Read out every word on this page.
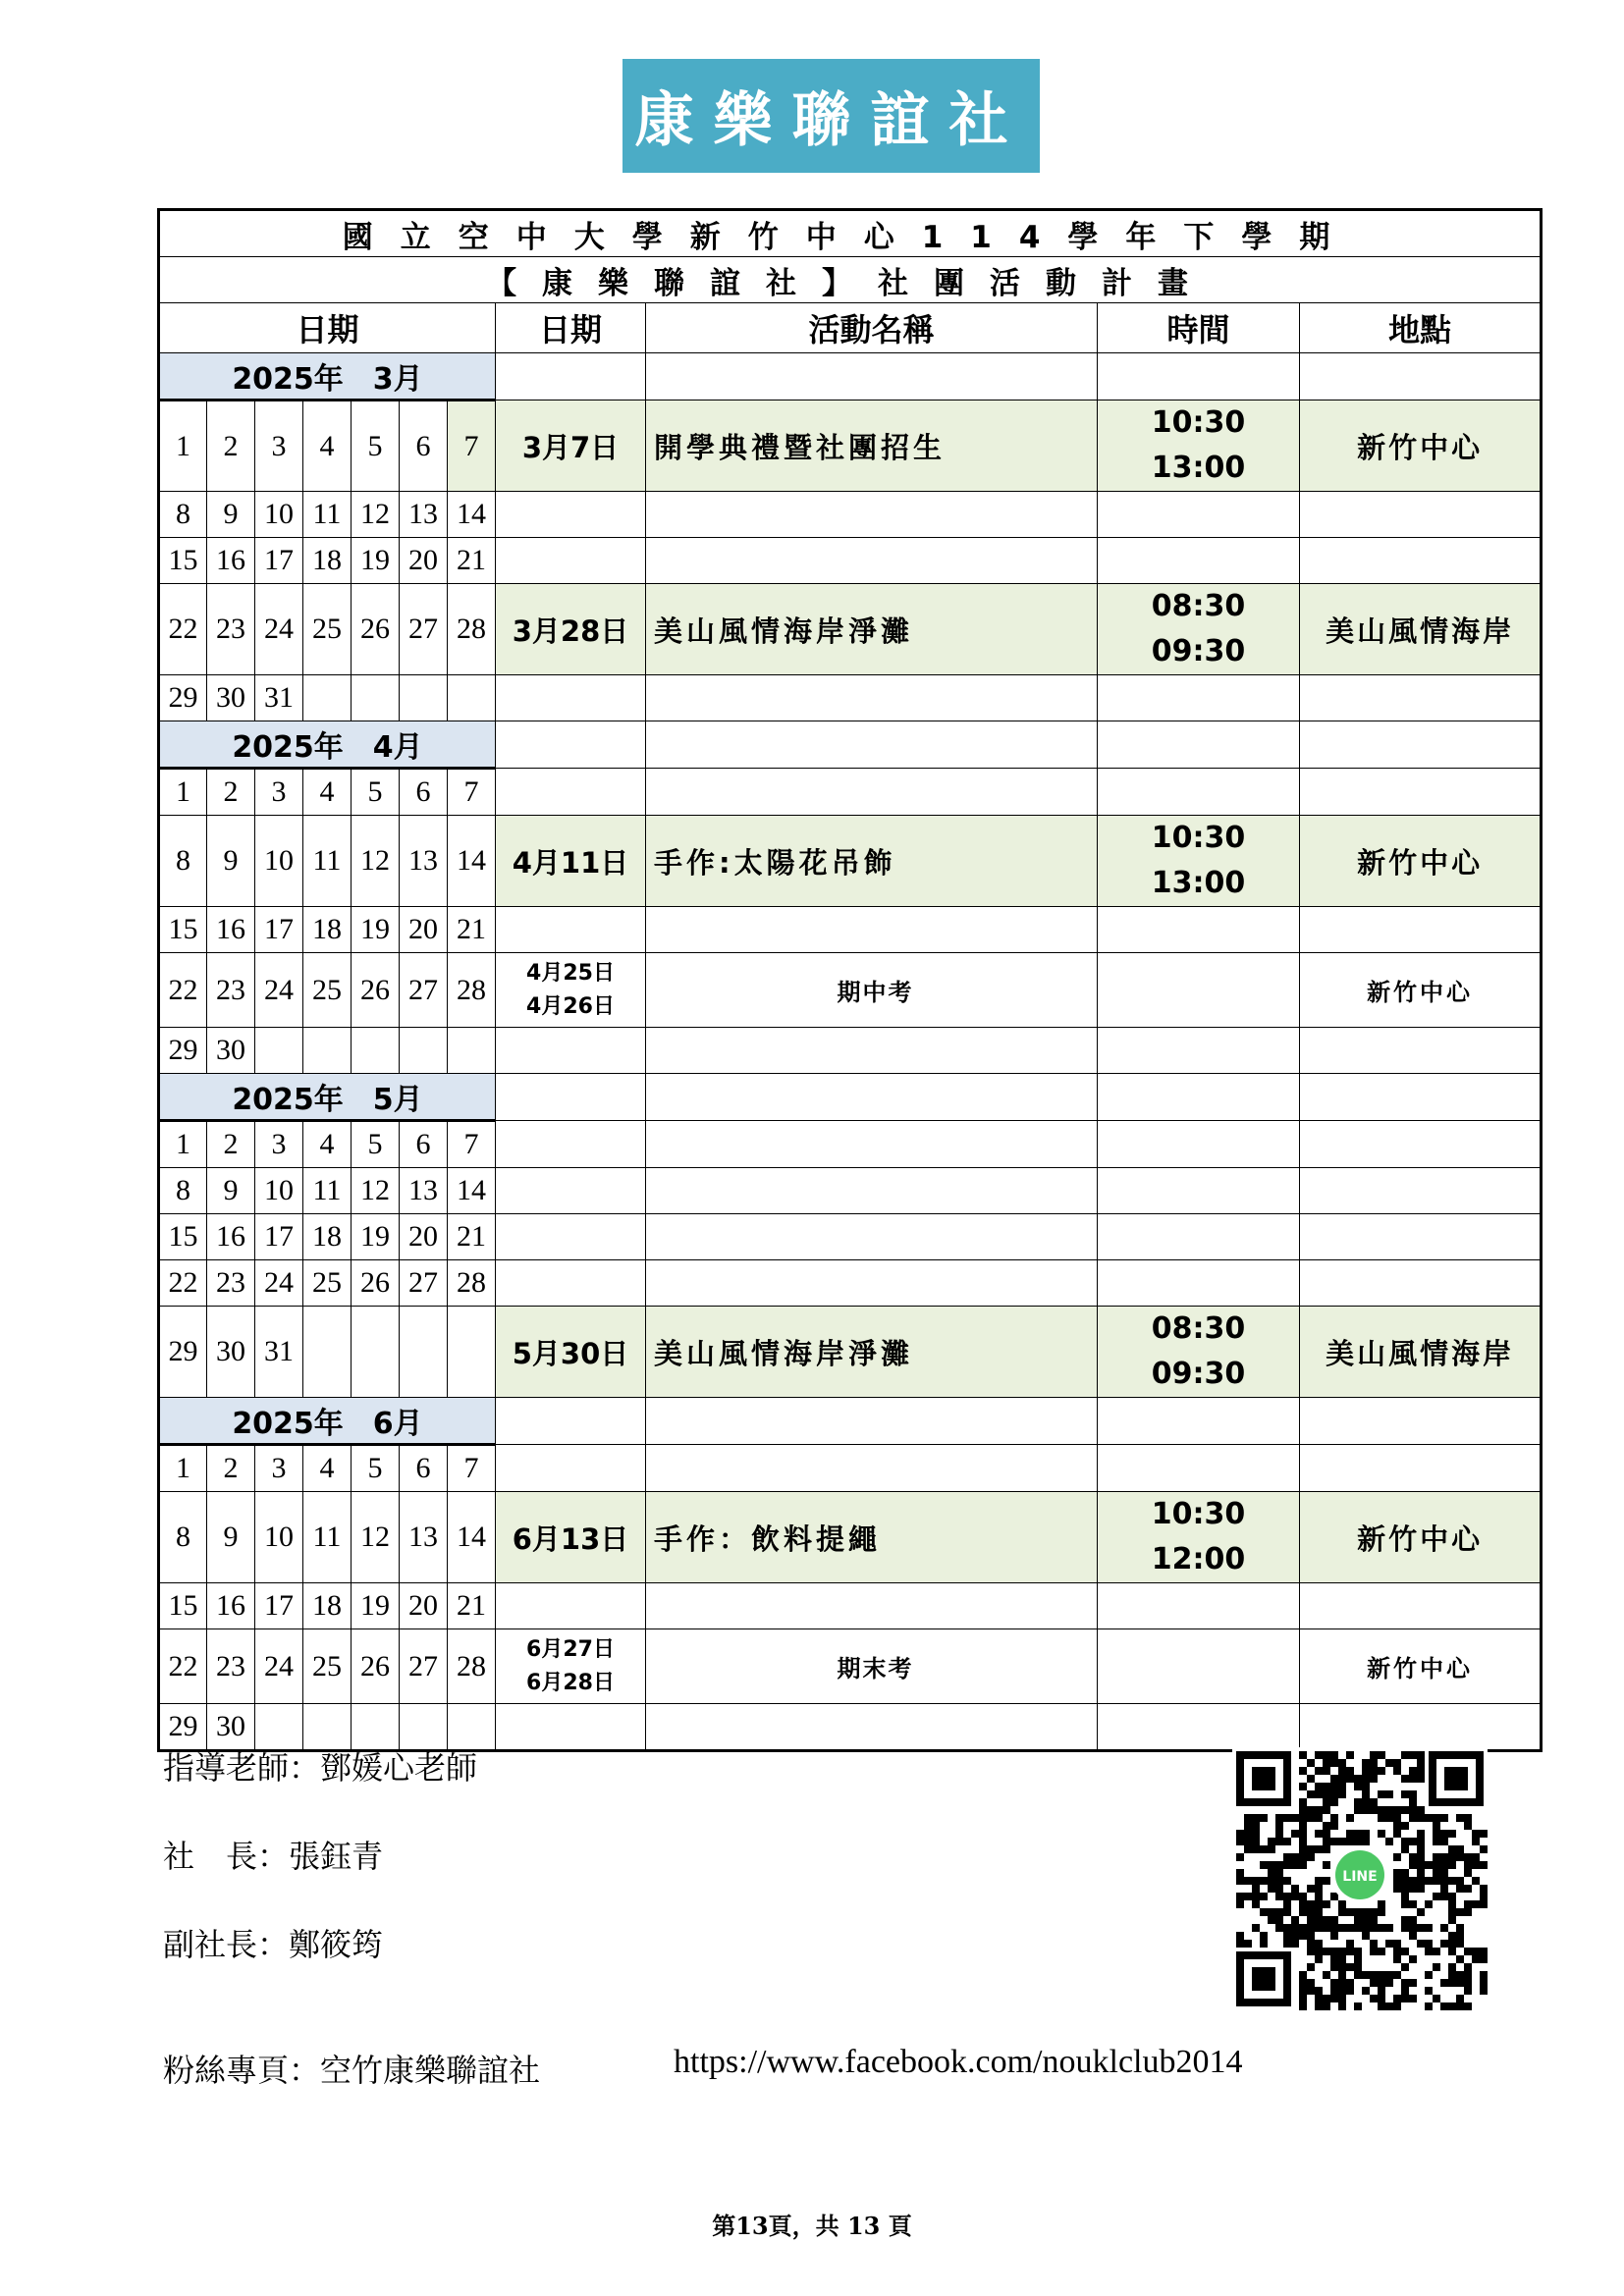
康樂聯誼社
國立空中大學新竹中心114學年下學期										
【康樂聯誼社】社團活動計畫										
日期							日期	活動名稱	時間	地點
2025年　3月										
1	2	3	4	5	6	7	3月7日	開學典禮暨社團招生	10:30
13:00	新竹中心
8	9	10	11	12	13	14				
15	16	17	18	19	20	21				
22	23	24	25	26	27	28	3月28日	美山風情海岸淨灘	08:30
09:30	美山風情海岸
29	30	31								
2025年　4月										
1	2	3	4	5	6	7				
8	9	10	11	12	13	14	4月11日	手作:太陽花吊飾	10:30
13:00	新竹中心
15	16	17	18	19	20	21				
22	23	24	25	26	27	28	4月25日
4月26日	期中考		新竹中心
29	30									
2025年　5月										
1	2	3	4	5	6	7				
8	9	10	11	12	13	14				
15	16	17	18	19	20	21				
22	23	24	25	26	27	28				
29	30	31					5月30日	美山風情海岸淨灘	08:30
09:30	美山風情海岸
2025年　6月										
1	2	3	4	5	6	7				
8	9	10	11	12	13	14	6月13日	手作：飲料提繩	10:30
12:00	新竹中心
15	16	17	18	19	20	21				
22	23	24	25	26	27	28	6月27日
6月28日	期末考		新竹中心
29	30									
指導老師：鄧媛心老師
社　長：張鈺青
副社長：鄭筱筠
粉絲專頁：空竹康樂聯誼社	https://www.facebook.com/nouklclub2014
LINE
第13頁，共 13 頁
